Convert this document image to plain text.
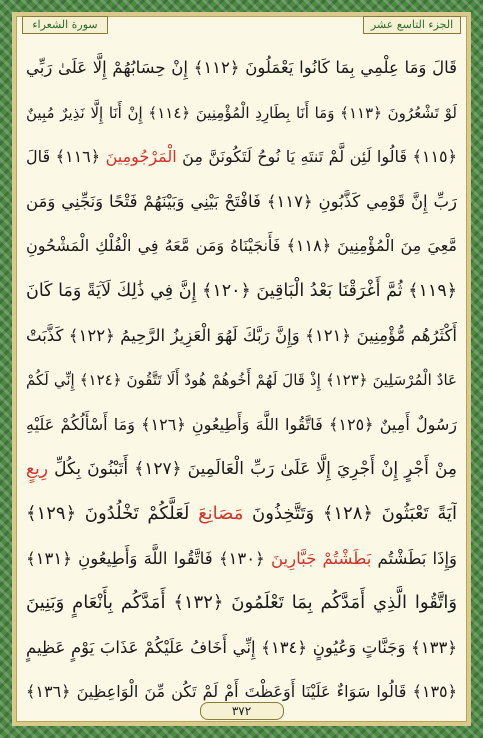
الجزء التاسع عشر
سورة الشعراء
قَالَ وَمَا عِلْمِي بِمَا كَانُوا يَعْمَلُونَ ﴿١١٢﴾ إِنْ حِسَابُهُمْ إِلَّا عَلَىٰ رَبِّي
لَوْ تَشْعُرُونَ ﴿١١٣﴾ وَمَا أَنَا بِطَارِدِ الْمُؤْمِنِينَ ﴿١١٤﴾ إِنْ أَنَا إِلَّا نَذِيرٌ مُبِينٌ
﴿١١٥﴾ قَالُوا لَئِن لَّمْ تَنتَهِ يَا نُوحُ لَتَكُونَنَّ مِنَ الْمَرْجُومِينَ ﴿١١٦﴾ قَالَ
رَبِّ إِنَّ قَوْمِي كَذَّبُونِ ﴿١١٧﴾ فَافْتَحْ بَيْنِي وَبَيْنَهُمْ فَتْحًا وَنَجِّنِي وَمَن
مَّعِيَ مِنَ الْمُؤْمِنِينَ ﴿١١٨﴾ فَأَنجَيْنَاهُ وَمَن مَّعَهُ فِي الْفُلْكِ الْمَشْحُونِ
﴿١١٩﴾ ثُمَّ أَغْرَقْنَا بَعْدُ الْبَاقِينَ ﴿١٢٠﴾ إِنَّ فِي ذَٰلِكَ لَآيَةً وَمَا كَانَ
أَكْثَرُهُم مُّؤْمِنِينَ ﴿١٢١﴾ وَإِنَّ رَبَّكَ لَهُوَ الْعَزِيزُ الرَّحِيمُ ﴿١٢٢﴾ كَذَّبَتْ
عَادٌ الْمُرْسَلِينَ ﴿١٢٣﴾ إِذْ قَالَ لَهُمْ أَخُوهُمْ هُودٌ أَلَا تَتَّقُونَ ﴿١٢٤﴾ إِنِّي لَكُمْ
رَسُولٌ أَمِينٌ ﴿١٢٥﴾ فَاتَّقُوا اللَّهَ وَأَطِيعُونِ ﴿١٢٦﴾ وَمَا أَسْأَلُكُمْ عَلَيْهِ
مِنْ أَجْرٍ إِنْ أَجْرِيَ إِلَّا عَلَىٰ رَبِّ الْعَالَمِينَ ﴿١٢٧﴾ أَتَبْنُونَ بِكُلِّ رِيعٍ
آيَةً تَعْبَثُونَ ﴿١٢٨﴾ وَتَتَّخِذُونَ مَصَانِعَ لَعَلَّكُمْ تَخْلُدُونَ ﴿١٢٩﴾
وَإِذَا بَطَشْتُم بَطَشْتُمْ جَبَّارِينَ ﴿١٣٠﴾ فَاتَّقُوا اللَّهَ وَأَطِيعُونِ ﴿١٣١﴾
وَاتَّقُوا الَّذِي أَمَدَّكُم بِمَا تَعْلَمُونَ ﴿١٣٢﴾ أَمَدَّكُم بِأَنْعَامٍ وَبَنِينَ
﴿١٣٣﴾ وَجَنَّاتٍ وَعُيُونٍ ﴿١٣٤﴾ إِنِّي أَخَافُ عَلَيْكُمْ عَذَابَ يَوْمٍ عَظِيمٍ
﴿١٣٥﴾ قَالُوا سَوَاءٌ عَلَيْنَا أَوَعَظْتَ أَمْ لَمْ تَكُن مِّنَ الْوَاعِظِينَ ﴿١٣٦﴾
٣٧٢
